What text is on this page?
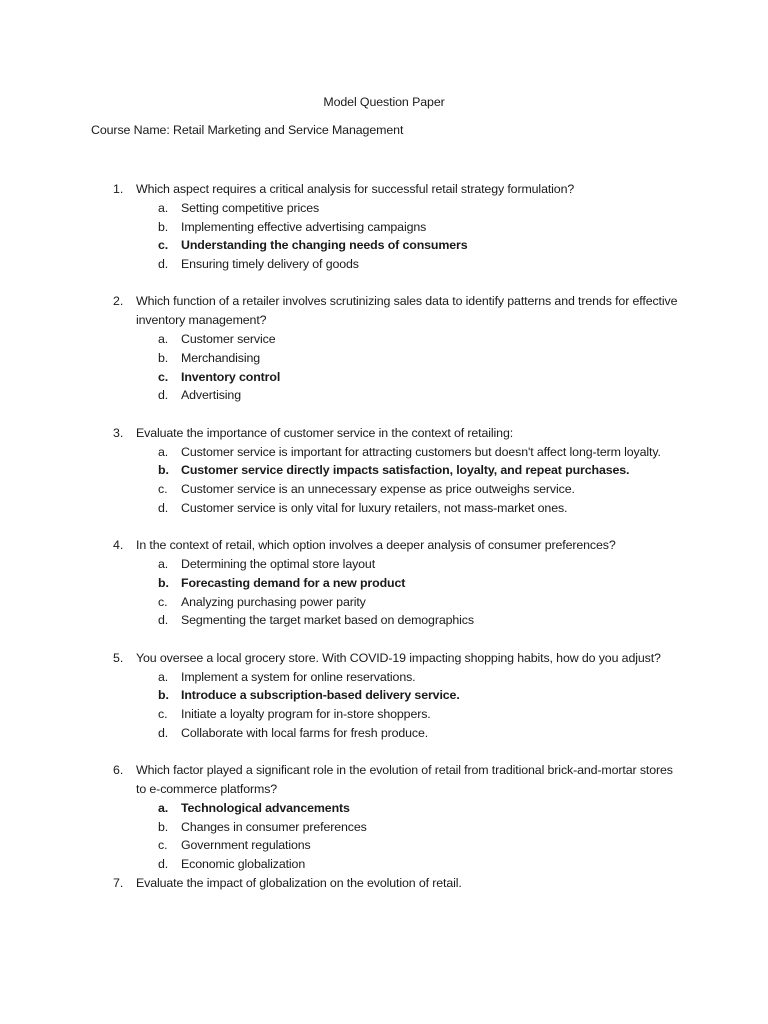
Model Question Paper
Course Name: Retail Marketing and Service Management
1. Which aspect requires a critical analysis for successful retail strategy formulation?
a. Setting competitive prices
b. Implementing effective advertising campaigns
c. Understanding the changing needs of consumers
d. Ensuring timely delivery of goods
2. Which function of a retailer involves scrutinizing sales data to identify patterns and trends for effective inventory management?
a. Customer service
b. Merchandising
c. Inventory control
d. Advertising
3. Evaluate the importance of customer service in the context of retailing:
a. Customer service is important for attracting customers but doesn't affect long-term loyalty.
b. Customer service directly impacts satisfaction, loyalty, and repeat purchases.
c. Customer service is an unnecessary expense as price outweighs service.
d. Customer service is only vital for luxury retailers, not mass-market ones.
4. In the context of retail, which option involves a deeper analysis of consumer preferences?
a. Determining the optimal store layout
b. Forecasting demand for a new product
c. Analyzing purchasing power parity
d. Segmenting the target market based on demographics
5. You oversee a local grocery store. With COVID-19 impacting shopping habits, how do you adjust?
a. Implement a system for online reservations.
b. Introduce a subscription-based delivery service.
c. Initiate a loyalty program for in-store shoppers.
d. Collaborate with local farms for fresh produce.
6. Which factor played a significant role in the evolution of retail from traditional brick-and-mortar stores to e-commerce platforms?
a. Technological advancements
b. Changes in consumer preferences
c. Government regulations
d. Economic globalization
7. Evaluate the impact of globalization on the evolution of retail.
